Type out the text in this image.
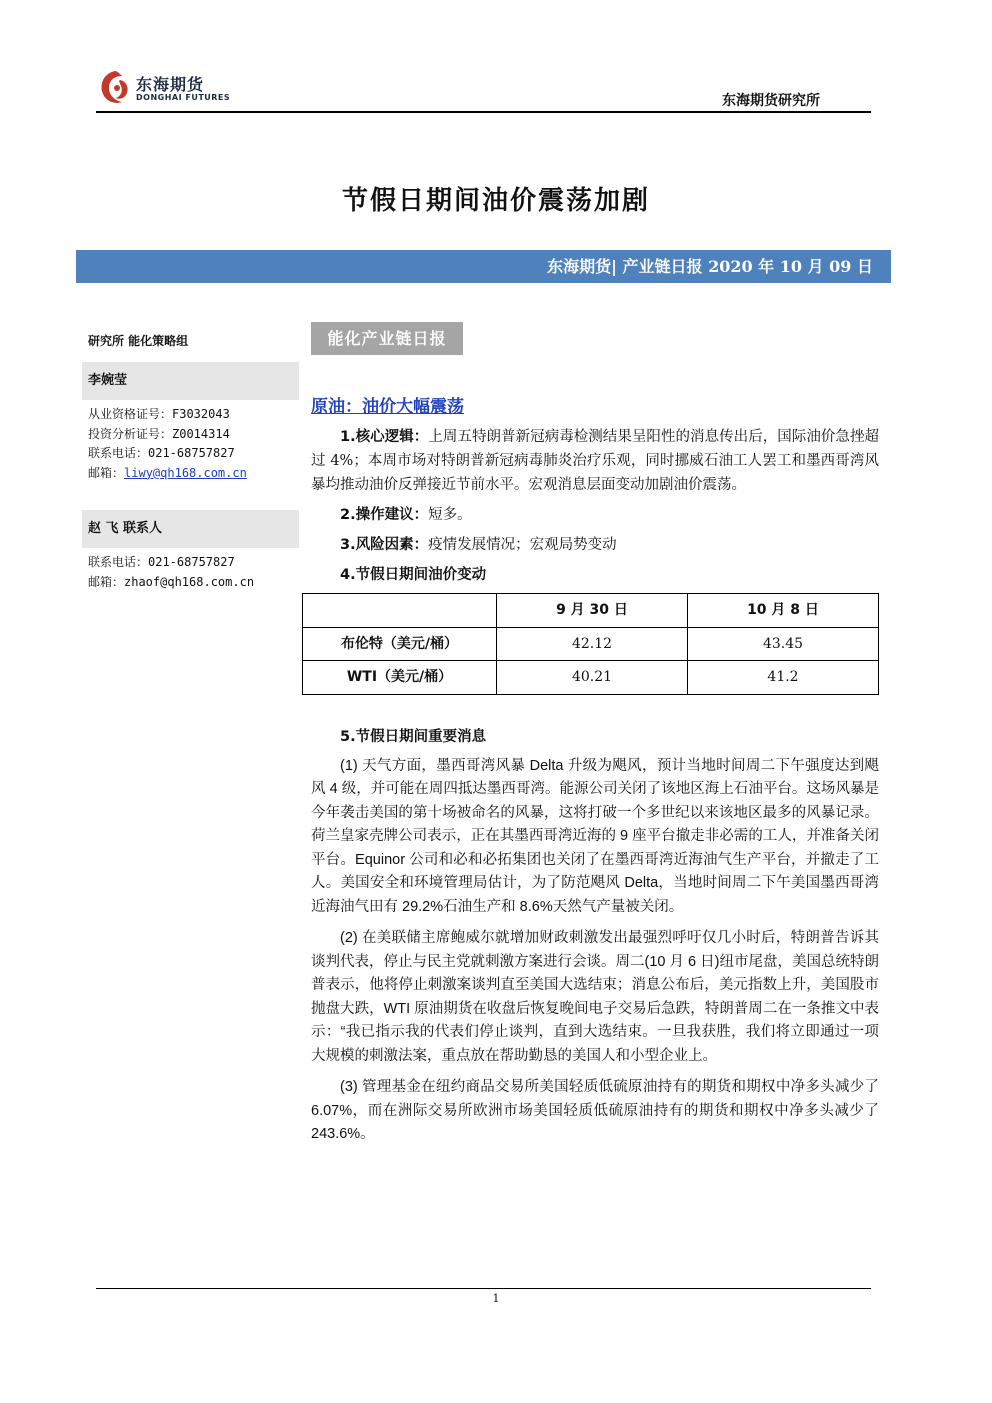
东海期货
DONGHAI FUTURES	东海期货研究所
节假日期间油价震荡加剧
东海期货| 产业链日报 2020 年 10 月 09 日
研究所 能化策略组
李婉莹
从业资格证号：F3032043
投资分析证号：Z0014314
联系电话：021-68757827
邮箱：liwy@qh168.com.cn
赵 飞 联系人
联系电话：021-68757827
邮箱：zhaof@qh168.com.cn
能化产业链日报
原油：油价大幅震荡
1.核心逻辑：上周五特朗普新冠病毒检测结果呈阳性的消息传出后，国际油价急挫超过 4%；本周市场对特朗普新冠病毒肺炎治疗乐观，同时挪威石油工人罢工和墨西哥湾风暴均推动油价反弹接近节前水平。宏观消息层面变动加剧油价震荡。
2.操作建议：短多。
3.风险因素：疫情发展情况；宏观局势变动
4.节假日期间油价变动
	9 月 30 日	10 月 8 日
布伦特（美元/桶）	42.12	43.45
WTI（美元/桶）	40.21	41.2
5.节假日期间重要消息
(1) 天气方面，墨西哥湾风暴 Delta 升级为飓风，预计当地时间周二下午强度达到飓风 4 级，并可能在周四抵达墨西哥湾。能源公司关闭了该地区海上石油平台。这场风暴是今年袭击美国的第十场被命名的风暴，这将打破一个多世纪以来该地区最多的风暴记录。荷兰皇家壳牌公司表示，正在其墨西哥湾近海的 9 座平台撤走非必需的工人，并准备关闭平台。Equinor 公司和必和必拓集团也关闭了在墨西哥湾近海油气生产平台，并撤走了工人。美国安全和环境管理局估计，为了防范飓风 Delta，当地时间周二下午美国墨西哥湾近海油气田有 29.2%石油生产和 8.6%天然气产量被关闭。
(2) 在美联储主席鲍威尔就增加财政刺激发出最强烈呼吁仅几小时后，特朗普告诉其谈判代表，停止与民主党就刺激方案进行会谈。周二(10 月 6 日)纽市尾盘，美国总统特朗普表示，他将停止刺激案谈判直至美国大选结束；消息公布后，美元指数上升，美国股市抛盘大跌，WTI 原油期货在收盘后恢复晚间电子交易后急跌，特朗普周二在一条推文中表示：“我已指示我的代表们停止谈判，直到大选结束。一旦我获胜，我们将立即通过一项大规模的刺激法案，重点放在帮助勤恳的美国人和小型企业上。
(3) 管理基金在纽约商品交易所美国轻质低硫原油持有的期货和期权中净多头减少了 6.07%，而在洲际交易所欧洲市场美国轻质低硫原油持有的期货和期权中净多头减少了 243.6%。
1
